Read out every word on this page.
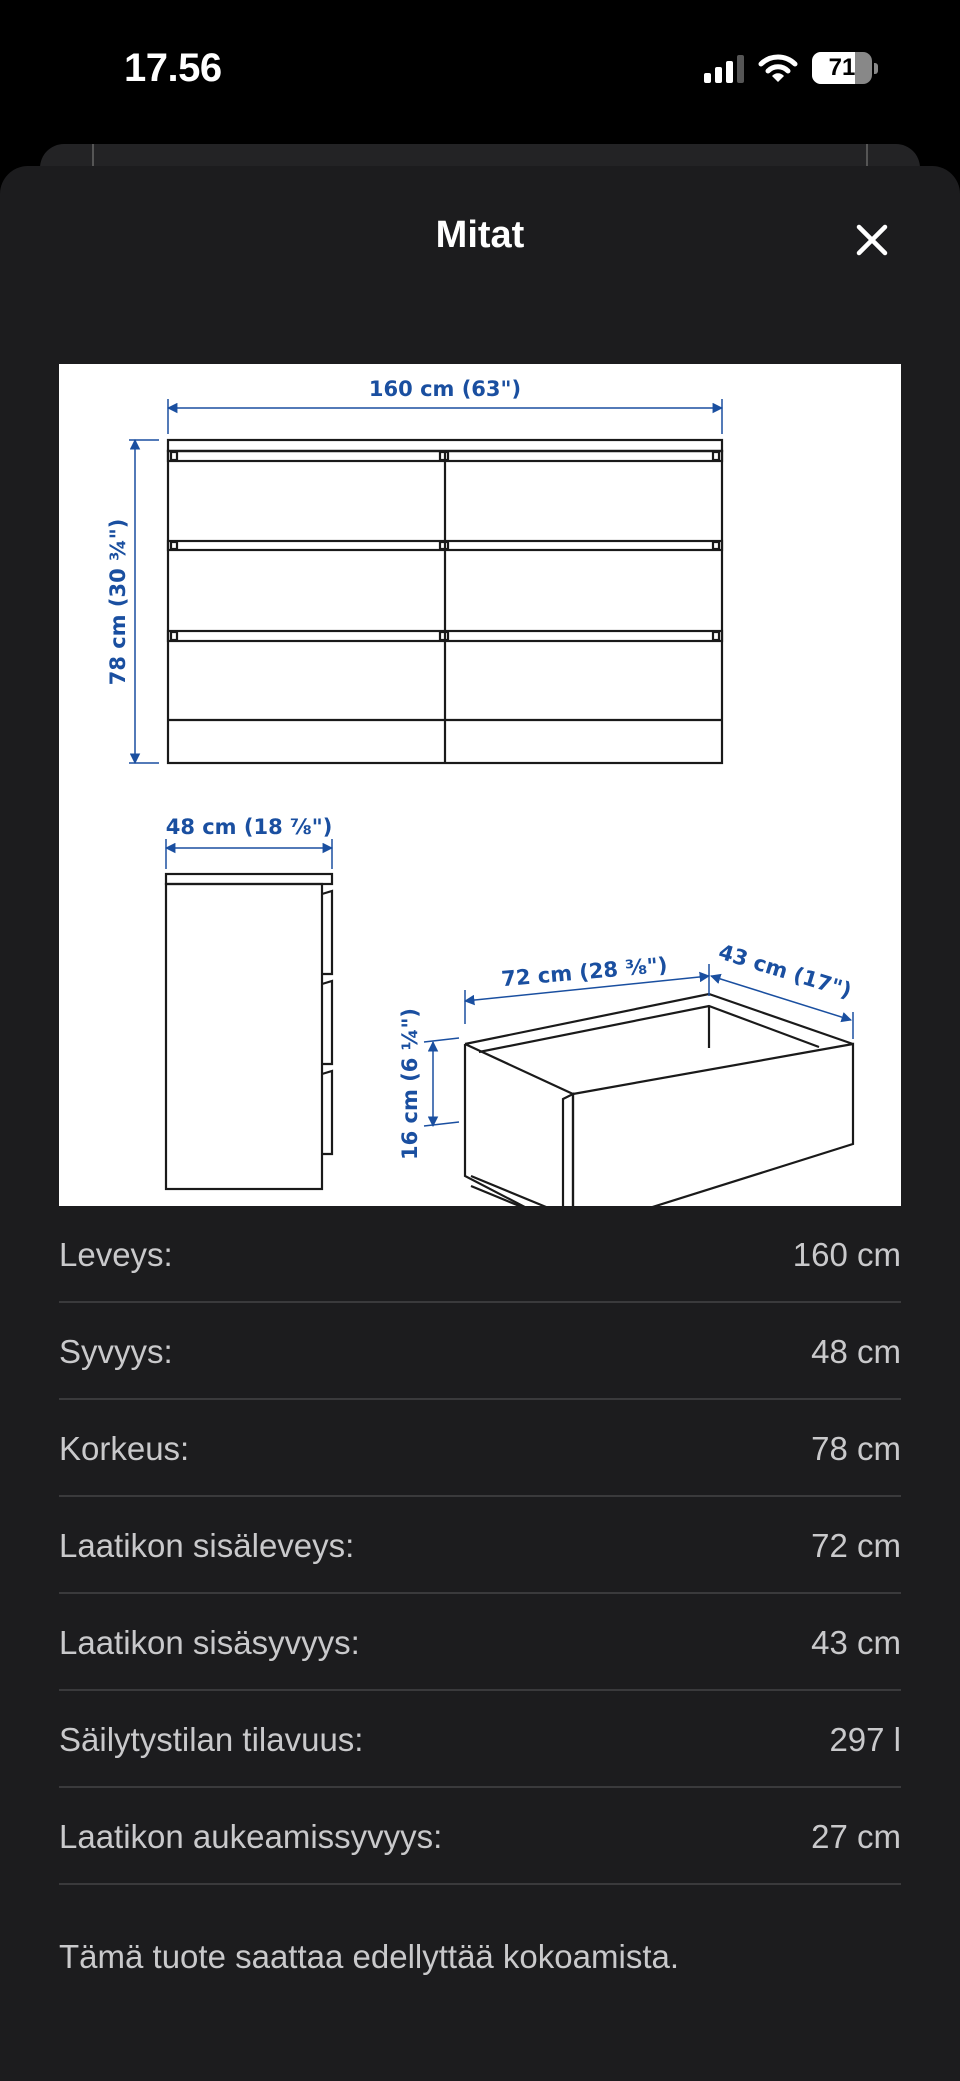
17.56	71
Mitat
160 cm (63")
78 cm (30 ¾")
48 cm (18 ⅞")
72 cm (28 ⅜") 43 cm (17")
16 cm (6 ¼")
Leveys:	160 cm
Syvyys:	48 cm
Korkeus:	78 cm
Laatikon sisäleveys:	72 cm
Laatikon sisäsyvyys:	43 cm
Säilytystilan tilavuus:	297 l
Laatikon aukeamissyvyys:	27 cm
Tämä tuote saattaa edellyttää kokoamista.
